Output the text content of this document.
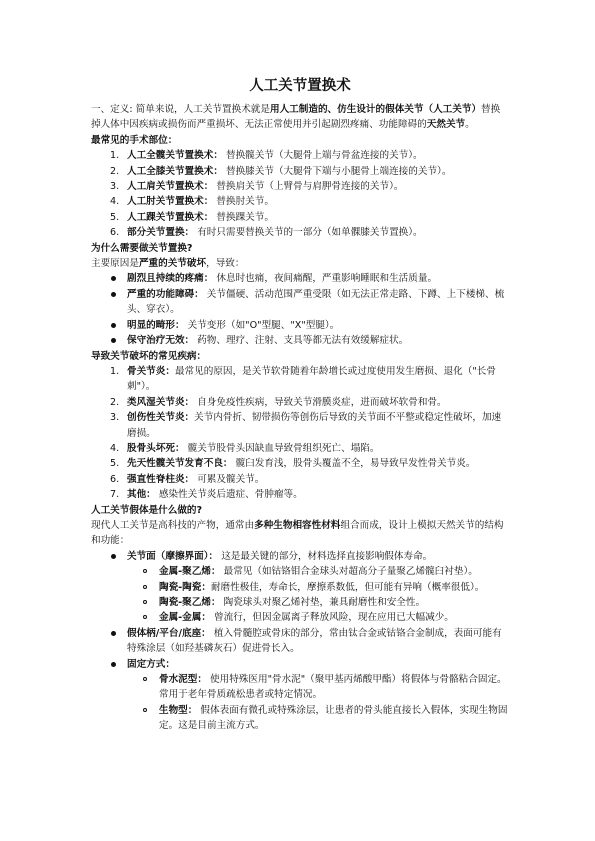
人工关节置换术

一、定义: 简单来说，人工关节置换术就是用人工制造的、仿生设计的假体关节（人工关节）替换掉人体中因疾病或损伤而严重损坏、无法正常使用并引起剧烈疼痛、功能障碍的天然关节。

最常见的手术部位：

1. 人工全髋关节置换术： 替换髋关节（大腿骨上端与骨盆连接的关节）。
2. 人工全膝关节置换术： 替换膝关节（大腿骨下端与小腿骨上端连接的关节）。
3. 人工肩关节置换术： 替换肩关节（上臂骨与肩胛骨连接的关节）。
4. 人工肘关节置换术： 替换肘关节。
5. 人工踝关节置换术： 替换踝关节。
6. 部分关节置换： 有时只需要替换关节的一部分（如单髁膝关节置换）。

为什么需要做关节置换?

主要原因是严重的关节破坏，导致：

剧烈且持续的疼痛： 休息时也痛，夜间痛醒，严重影响睡眠和生活质量。
严重的功能障碍： 关节僵硬、活动范围严重受限（如无法正常走路、下蹲、上下楼梯、梳头、穿衣）。
明显的畸形： 关节变形（如"O"型腿、"X"型腿）。
保守治疗无效： 药物、理疗、注射、支具等都无法有效缓解症状。

导致关节破坏的常见疾病：

1. 骨关节炎：最常见的原因，是关节软骨随着年龄增长或过度使用发生磨损、退化（"长骨刺"）。
2. 类风湿关节炎： 自身免疫性疾病，导致关节滑膜炎症，进而破坏软骨和骨。
3. 创伤性关节炎：关节内骨折、韧带损伤等创伤后导致的关节面不平整或稳定性破坏，加速磨损。
4. 股骨头坏死： 髋关节股骨头因缺血导致骨组织死亡、塌陷。
5. 先天性髋关节发育不良： 髋臼发育浅，股骨头覆盖不全，易导致早发性骨关节炎。
6. 强直性脊柱炎： 可累及髋关节。
7. 其他： 感染性关节炎后遗症、骨肿瘤等。

人工关节假体是什么做的?

现代人工关节是高科技的产物，通常由多种生物相容性材料组合而成，设计上模拟天然关节的结构和功能：

关节面（摩擦界面）： 这是最关键的部分，材料选择直接影响假体寿命。
金属-聚乙烯： 最常见（如钴铬钼合金球头对超高分子量聚乙烯髋臼衬垫）。
陶瓷-陶瓷：耐磨性极佳，寿命长，摩擦系数低，但可能有异响（概率很低）。
陶瓷-聚乙烯： 陶瓷球头对聚乙烯衬垫，兼具耐磨性和安全性。
金属-金属： 曾流行，但因金属离子释放风险，现在应用已大幅减少。
假体柄/平台/底座： 植入骨髓腔或骨床的部分，常由钛合金或钴铬合金制成，表面可能有特殊涂层（如羟基磷灰石）促进骨长入。
固定方式：
骨水泥型： 使用特殊医用"骨水泥"（聚甲基丙烯酸甲酯）将假体与骨骼粘合固定。常用于老年骨质疏松患者或特定情况。
生物型： 假体表面有微孔或特殊涂层，让患者的骨头能直接长入假体，实现生物固定。这是目前主流方式。
